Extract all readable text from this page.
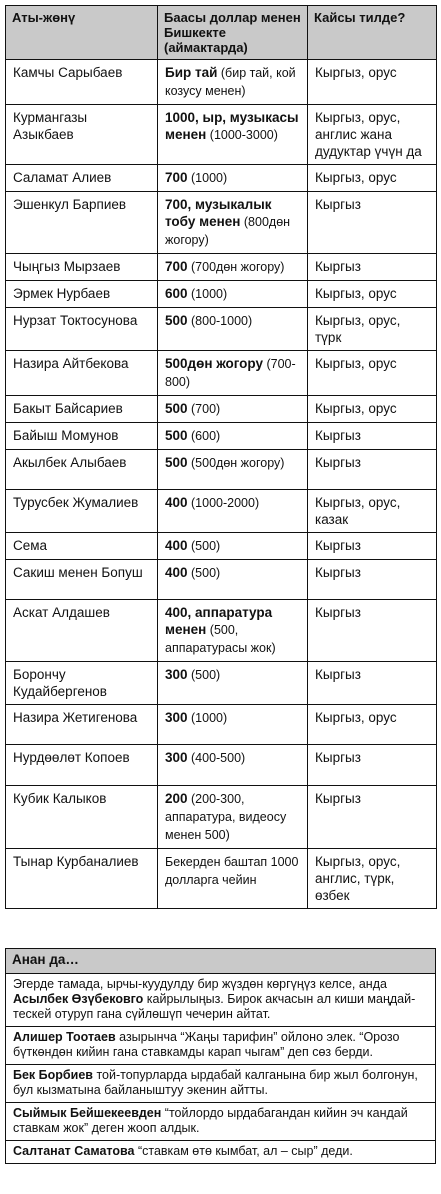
Аты-жөнү	Баасы доллар менен Бишкекте (аймактарда)	Кайсы тилде?
Камчы Сарыбаев	Бир тай (бир тай, кой козусу менен)	Кыргыз, орус
Курмангазы Азыкбаев	1000, ыр, музыкасы менен (1000-3000)	Кыргыз, орус, англис жана дудуктар үчүн да
Саламат Алиев	700 (1000)	Кыргыз, орус
Эшенкул Барпиев	700, музыкалык тобу менен (800дөн жогору)	Кыргыз
Чыңгыз Мырзаев	700 (700дөн жогору)	Кыргыз
Эрмек Нурбаев	600 (1000)	Кыргыз, орус
Нурзат Токтосунова	500 (800-1000)	Кыргыз, орус, түрк
Назира Айтбекова	500дөн жогору (700-800)	Кыргыз, орус
Бакыт Байсариев	500 (700)	Кыргыз, орус
Байыш Момунов	500 (600)	Кыргыз
Акылбек Алыбаев	500 (500дөн жогору)	Кыргыз
Турусбек Жумалиев	400 (1000-2000)	Кыргыз, орус, казак
Сема	400 (500)	Кыргыз
Сакиш менен Бопуш	400 (500)	Кыргыз
Аскат Алдашев	400, аппаратура менен (500, аппаратурасы жок)	Кыргыз
Борончу Кудайбергенов	300 (500)	Кыргыз
Назира Жетигенова	300 (1000)	Кыргыз, орус
Нурдөөлөт Копоев	300 (400-500)	Кыргыз
Кубик Калыков	200 (200-300, аппаратура, видеосу менен 500)	Кыргыз
Тынар Курбаналиев	Бекерден баштап 1000 долларга чейин	Кыргыз, орус, англис, түрк, өзбек
Анан да…
Эгерде тамада, ырчы-куудулду бир жүздөн көргүңүз келсе, анда Асылбек Өзүбековго кайрылыңыз. Бирок акчасын ал киши маңдай-тескей отуруп гана сүйлөшүп чечерин айтат.
Алишер Тоотаев азырынча “Жаңы тарифин” ойлоно элек. “Орозо бүткөндөн кийин гана ставкамды карап чыгам” деп сөз берди.
Бек Борбиев той-топурларда ырдабай калганына бир жыл болгонун, бул кызматына байланыштуу экенин айтты.
Сыймык Бейшекеевден “тойлордо ырдабагандан кийин эч кандай ставкам жок” деген жооп алдык.
Салтанат Саматова “ставкам өтө кымбат, ал – сыр” деди.
